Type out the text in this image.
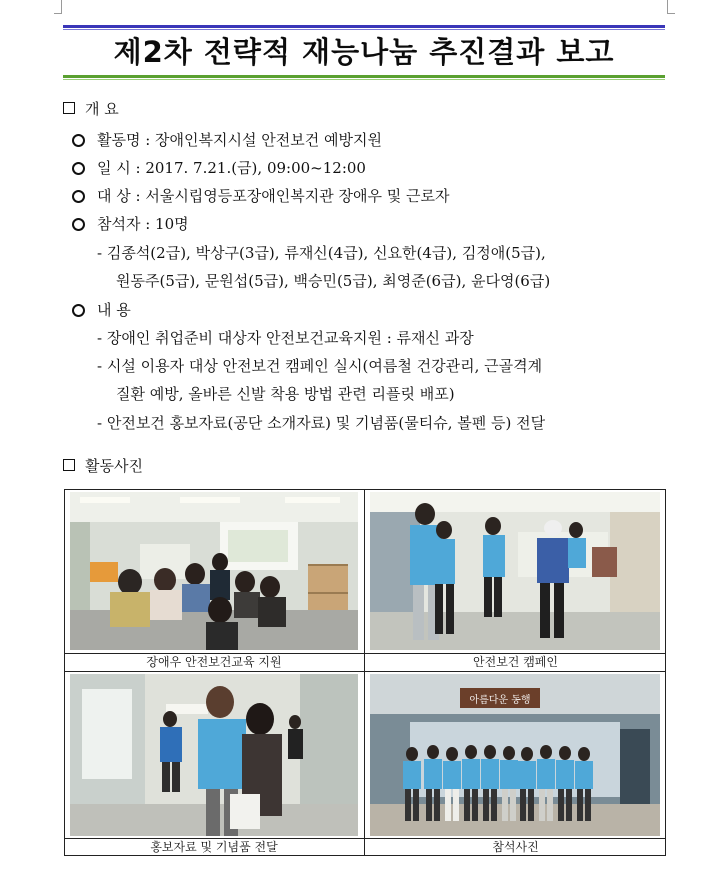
제2차 전략적 재능나눔 추진결과 보고
개 요
활동명 : 장애인복지시설 안전보건 예방지원
일 시 : 2017. 7.21.(금), 09:00~12:00
대 상 : 서울시립영등포장애인복지관 장애우 및 근로자
참석자 : 10명
- 김종석(2급), 박상구(3급), 류재신(4급), 신요한(4급), 김정애(5급),
원동주(5급), 문원섭(5급), 백승민(5급), 최영준(6급), 윤다영(6급)
내 용
- 장애인 취업준비 대상자 안전보건교육지원 : 류재신 과장
- 시설 이용자 대상 안전보건 캠페인 실시(여름철 건강관리, 근골격계
질환 예방, 올바른 신발 착용 방법 관련 리플릿 배포)
- 안전보건 홍보자료(공단 소개자료) 및 기념품(물티슈, 볼펜 등) 전달
활동사진
아름다운 동행
장애우 안전보건교육 지원	안전보건 캠페인
홍보자료 및 기념품 전달	참석사진
